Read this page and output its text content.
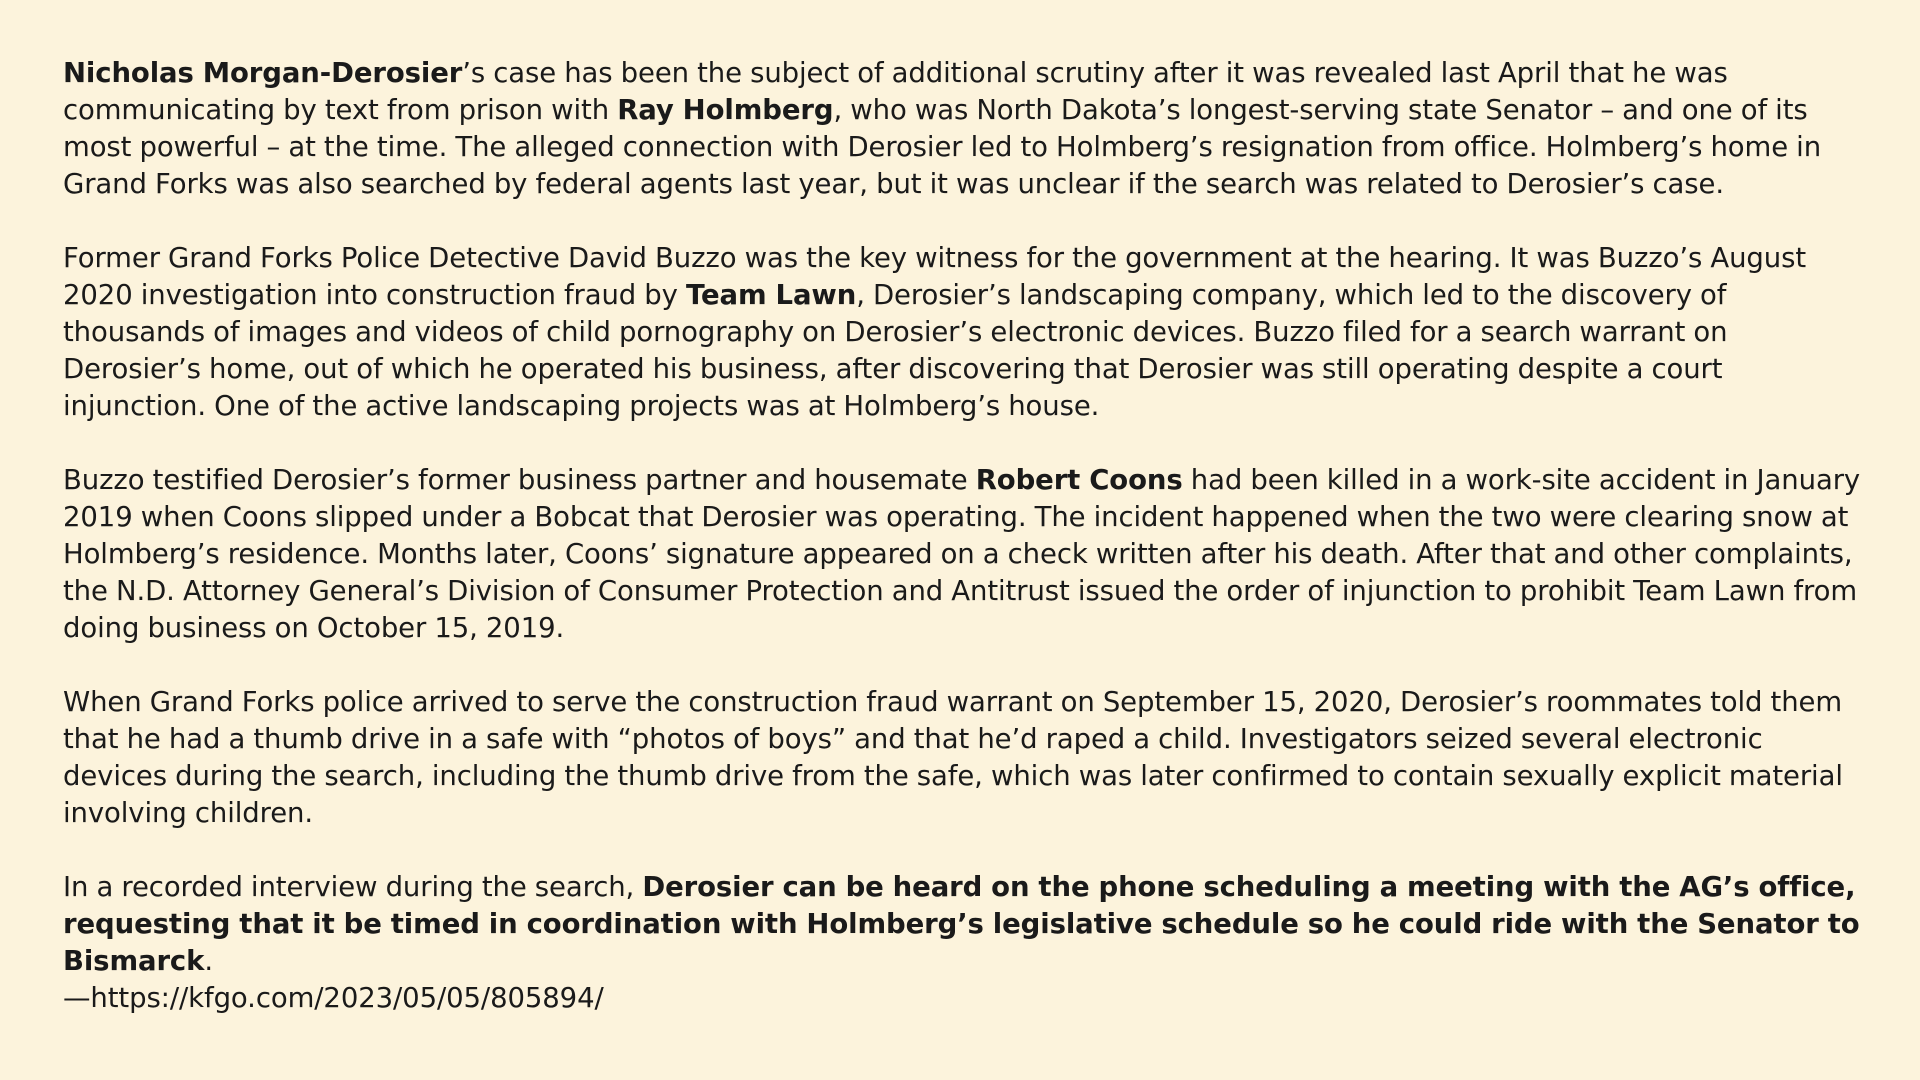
Nicholas Morgan-Derosier’s case has been the subject of additional scrutiny after it was revealed last April that he was communicating by text from prison with Ray Holmberg, who was North Dakota’s longest-serving state Senator – and one of its most powerful – at the time. The alleged connection with Derosier led to Holmberg’s resignation from office. Holmberg’s home in Grand Forks was also searched by federal agents last year, but it was unclear if the search was related to Derosier’s case.

Former Grand Forks Police Detective David Buzzo was the key witness for the government at the hearing. It was Buzzo’s August 2020 investigation into construction fraud by Team Lawn, Derosier’s landscaping company, which led to the discovery of thousands of images and videos of child pornography on Derosier’s electronic devices. Buzzo filed for a search warrant on Derosier’s home, out of which he operated his business, after discovering that Derosier was still operating despite a court injunction. One of the active landscaping projects was at Holmberg’s house.

Buzzo testified Derosier’s former business partner and housemate Robert Coons had been killed in a work-site accident in January 2019 when Coons slipped under a Bobcat that Derosier was operating. The incident happened when the two were clearing snow at Holmberg’s residence. Months later, Coons’ signature appeared on a check written after his death. After that and other complaints, the N.D. Attorney General’s Division of Consumer Protection and Antitrust issued the order of injunction to prohibit Team Lawn from doing business on October 15, 2019.

When Grand Forks police arrived to serve the construction fraud warrant on September 15, 2020, Derosier’s roommates told them that he had a thumb drive in a safe with “photos of boys” and that he’d raped a child. Investigators seized several electronic devices during the search, including the thumb drive from the safe, which was later confirmed to contain sexually explicit material involving children.

In a recorded interview during the search, Derosier can be heard on the phone scheduling a meeting with the AG’s office, requesting that it be timed in coordination with Holmberg’s legislative schedule so he could ride with the Senator to Bismarck.
—https://kfgo.com/2023/05/05/805894/
